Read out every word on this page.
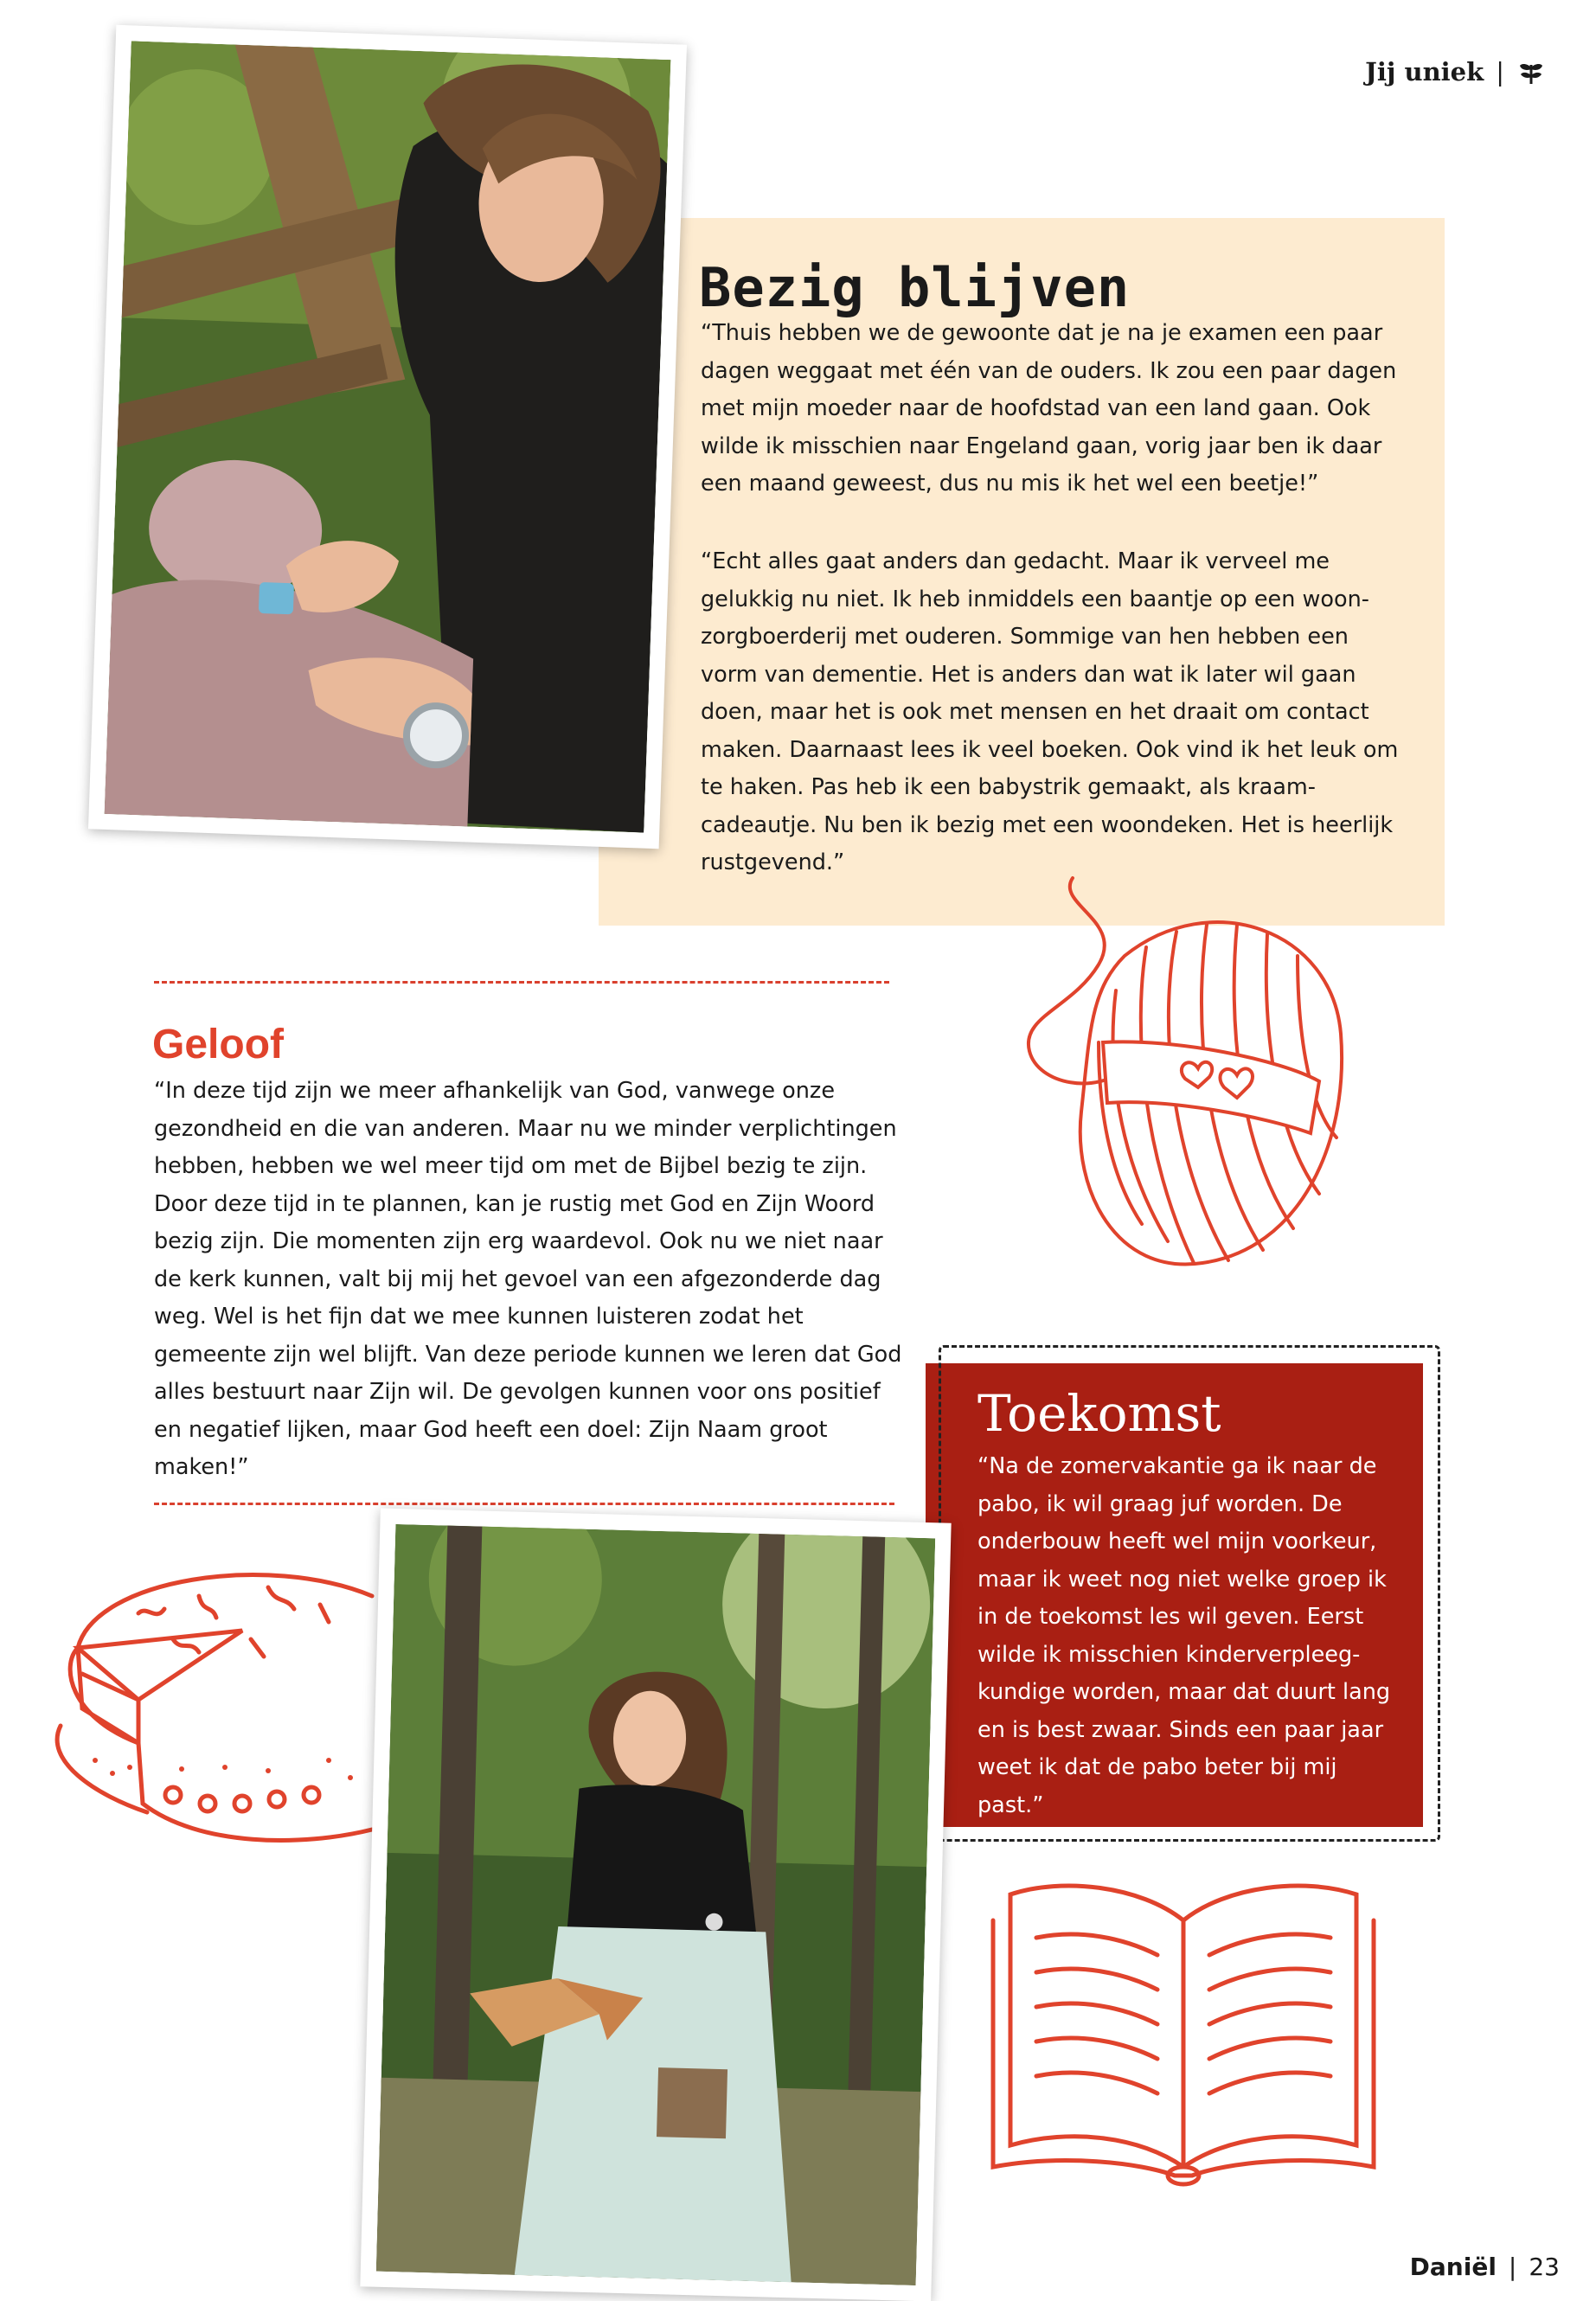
Jij uniek |
Bezig blijven
“Thuis hebben we de gewoonte dat je na je examen een paar dagen weggaat met één van de ouders. Ik zou een paar dagen met mijn moeder naar de hoofdstad van een land gaan. Ook wilde ik misschien naar Engeland gaan, vorig jaar ben ik daar een maand geweest, dus nu mis ik het wel een beetje!”
“Echt alles gaat anders dan gedacht. Maar ik verveel me gelukkig nu niet. Ik heb inmiddels een baantje op een woon-zorgboerderij met ouderen. Sommige van hen hebben een vorm van dementie. Het is anders dan wat ik later wil gaan doen, maar het is ook met mensen en het draait om contact maken. Daarnaast lees ik veel boeken. Ook vind ik het leuk om te haken. Pas heb ik een babystrik gemaakt, als kraam-cadeautje. Nu ben ik bezig met een woondeken. Het is heerlijk rustgevend.”
Geloof
“In deze tijd zijn we meer afhankelijk van God, vanwege onze gezondheid en die van anderen. Maar nu we minder verplichtingen hebben, hebben we wel meer tijd om met de Bijbel bezig te zijn. Door deze tijd in te plannen, kan je rustig met God en Zijn Woord bezig zijn. Die momenten zijn erg waardevol. Ook nu we niet naar de kerk kunnen, valt bij mij het gevoel van een afgezonderde dag weg. Wel is het fijn dat we mee kunnen luisteren zodat het gemeente zijn wel blijft. Van deze periode kunnen we leren dat God alles bestuurt naar Zijn wil. De gevolgen kunnen voor ons positief en negatief lijken, maar God heeft een doel: Zijn Naam groot maken!”
Toekomst
“Na de zomervakantie ga ik naar de pabo, ik wil graag juf worden. De onderbouw heeft wel mijn voorkeur, maar ik weet nog niet welke groep ik in de toekomst les wil geven. Eerst wilde ik misschien kinderverpleeg-kundige worden, maar dat duurt lang en is best zwaar. Sinds een paar jaar weet ik dat de pabo beter bij mij past.”
Daniël | 23
